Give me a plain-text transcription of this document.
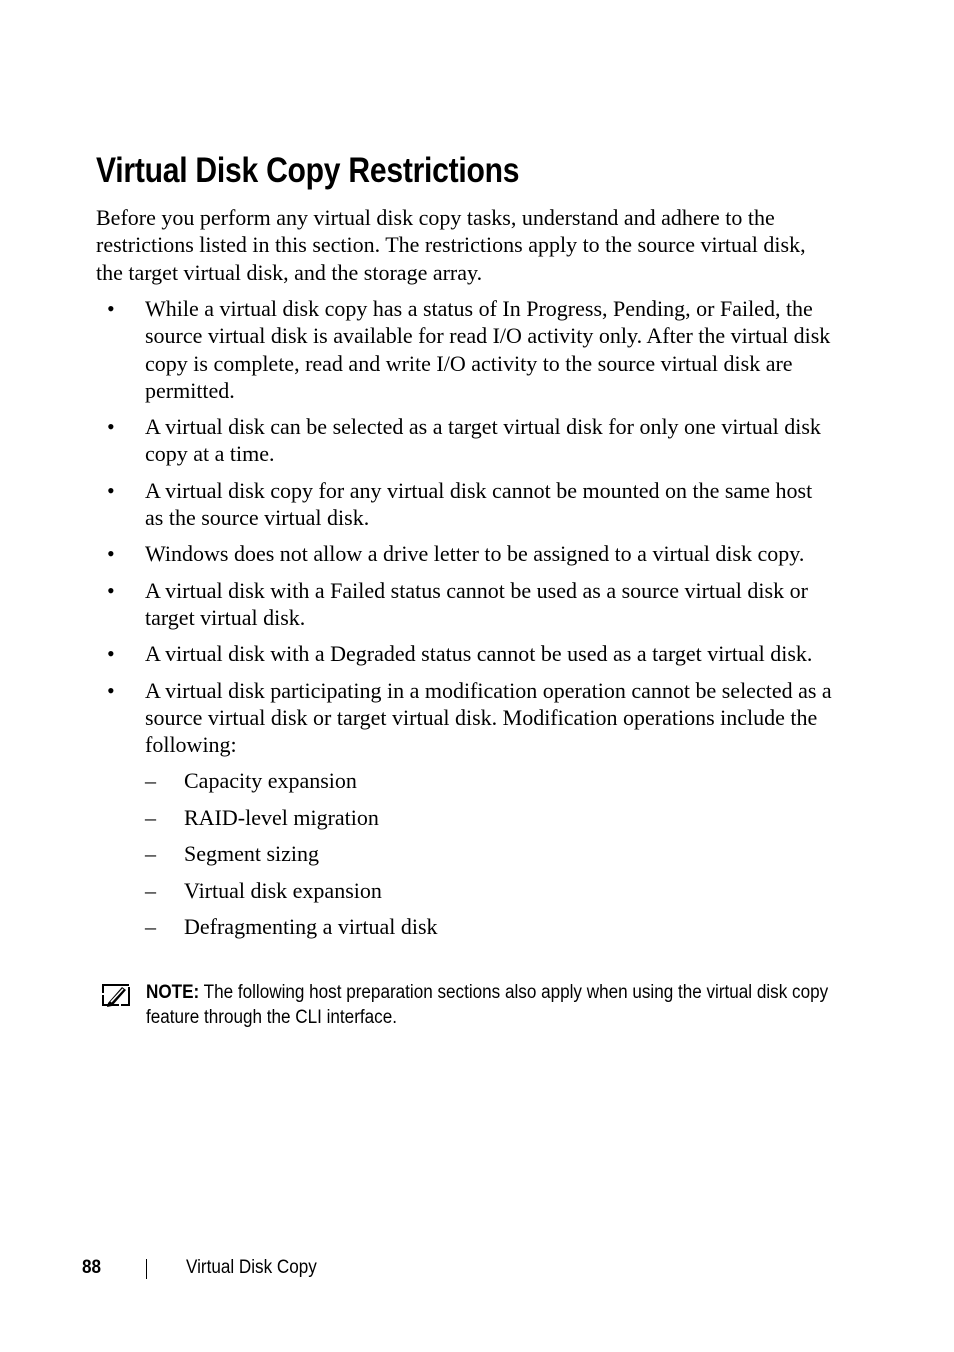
Virtual Disk Copy Restrictions

Before you perform any virtual disk copy tasks, understand and adhere to the restrictions listed in this section. The restrictions apply to the source virtual disk, the target virtual disk, and the storage array.

• While a virtual disk copy has a status of In Progress, Pending, or Failed, the source virtual disk is available for read I/O activity only. After the virtual disk copy is complete, read and write I/O activity to the source virtual disk are permitted.
• A virtual disk can be selected as a target virtual disk for only one virtual disk copy at a time.
• A virtual disk copy for any virtual disk cannot be mounted on the same host as the source virtual disk.
• Windows does not allow a drive letter to be assigned to a virtual disk copy.
• A virtual disk with a Failed status cannot be used as a source virtual disk or target virtual disk.
• A virtual disk with a Degraded status cannot be used as a target virtual disk.
• A virtual disk participating in a modification operation cannot be selected as a source virtual disk or target virtual disk. Modification operations include the following:
– Capacity expansion
– RAID-level migration
– Segment sizing
– Virtual disk expansion
– Defragmenting a virtual disk

NOTE: The following host preparation sections also apply when using the virtual disk copy feature through the CLI interface.

88	Virtual Disk Copy
